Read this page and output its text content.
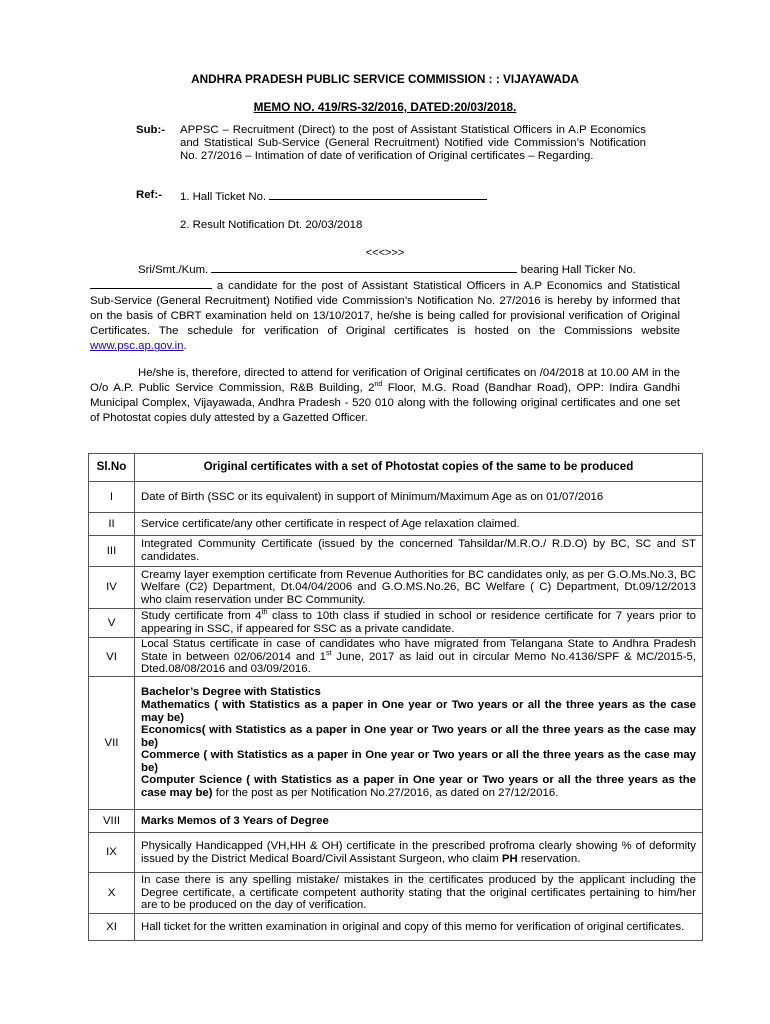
ANDHRA PRADESH PUBLIC SERVICE COMMISSION : : VIJAYAWADA
MEMO NO. 419/RS-32/2016, DATED:20/03/2018.
Sub:- APPSC – Recruitment (Direct) to the post of Assistant Statistical Officers in A.P Economics and Statistical Sub-Service (General Recruitment) Notified vide Commission’s Notification No. 27/2016 – Intimation of date of verification of Original certificates – Regarding.
Ref:- 1. Hall Ticket No.
2. Result Notification Dt. 20/03/2018
<<<>>>
Sri/Smt./Kum.	bearing Hall Ticker No.
a candidate for the post of Assistant Statistical Officers in A.P Economics and Statistical Sub-Service (General Recruitment) Notified vide Commission’s Notification No. 27/2016 is hereby by informed that on the basis of CBRT examination held on 13/10/2017, he/she is being called for provisional verification of Original Certificates. The schedule for verification of Original certificates is hosted on the Commissions website www.psc.ap.gov.in.
He/she is, therefore, directed to attend for verification of Original certificates on /04/2018 at 10.00 AM in the O/o A.P. Public Service Commission, R&B Building, 2nd Floor, M.G. Road (Bandhar Road), OPP: Indira Gandhi Municipal Complex, Vijayawada, Andhra Pradesh - 520 010 along with the following original certificates and one set of Photostat copies duly attested by a Gazetted Officer.
Sl.No	Original certificates with a set of Photostat copies of the same to be produced
I	Date of Birth (SSC or its equivalent) in support of Minimum/Maximum Age as on 01/07/2016
II	Service certificate/any other certificate in respect of Age relaxation claimed.
III	Integrated Community Certificate (issued by the concerned Tahsildar/M.R.O./ R.D.O) by BC, SC and ST candidates.
IV	Creamy layer exemption certificate from Revenue Authorities for BC candidates only, as per G.O.Ms.No.3, BC Welfare (C2) Department, Dt.04/04/2006 and G.O.MS.No.26, BC Welfare ( C) Department, Dt.09/12/2013 who claim reservation under BC Community.
V	Study certificate from 4th class to 10th class if studied in school or residence certificate for 7 years prior to appearing in SSC, if appeared for SSC as a private candidate.
VI	Local Status certificate in case of candidates who have migrated from Telangana State to Andhra Pradesh State in between 02/06/2014 and 1st June, 2017 as laid out in circular Memo No.4136/SPF & MC/2015-5, Dted.08/08/2016 and 03/09/2016.
VII	Bachelor’s Degree with Statistics
Mathematics ( with Statistics as a paper in One year or Two years or all the three years as the case may be)
Economics( with Statistics as a paper in One year or Two years or all the three years as the case may be)
Commerce ( with Statistics as a paper in One year or Two years or all the three years as the case may be)
Computer Science ( with Statistics as a paper in One year or Two years or all the three years as the case may be) for the post as per Notification No.27/2016, as dated on 27/12/2016.

VIII	Marks Memos of 3 Years of Degree
IX	Physically Handicapped (VH,HH & OH) certificate in the prescribed profroma clearly showing % of deformity issued by the District Medical Board/Civil Assistant Surgeon, who claim PH reservation.
X	In case there is any spelling mistake/ mistakes in the certificates produced by the applicant including the Degree certificate, a certificate competent authority stating that the original certificates pertaining to him/her are to be produced on the day of verification.
XI	Hall ticket for the written examination in original and copy of this memo for verification of original certificates.
